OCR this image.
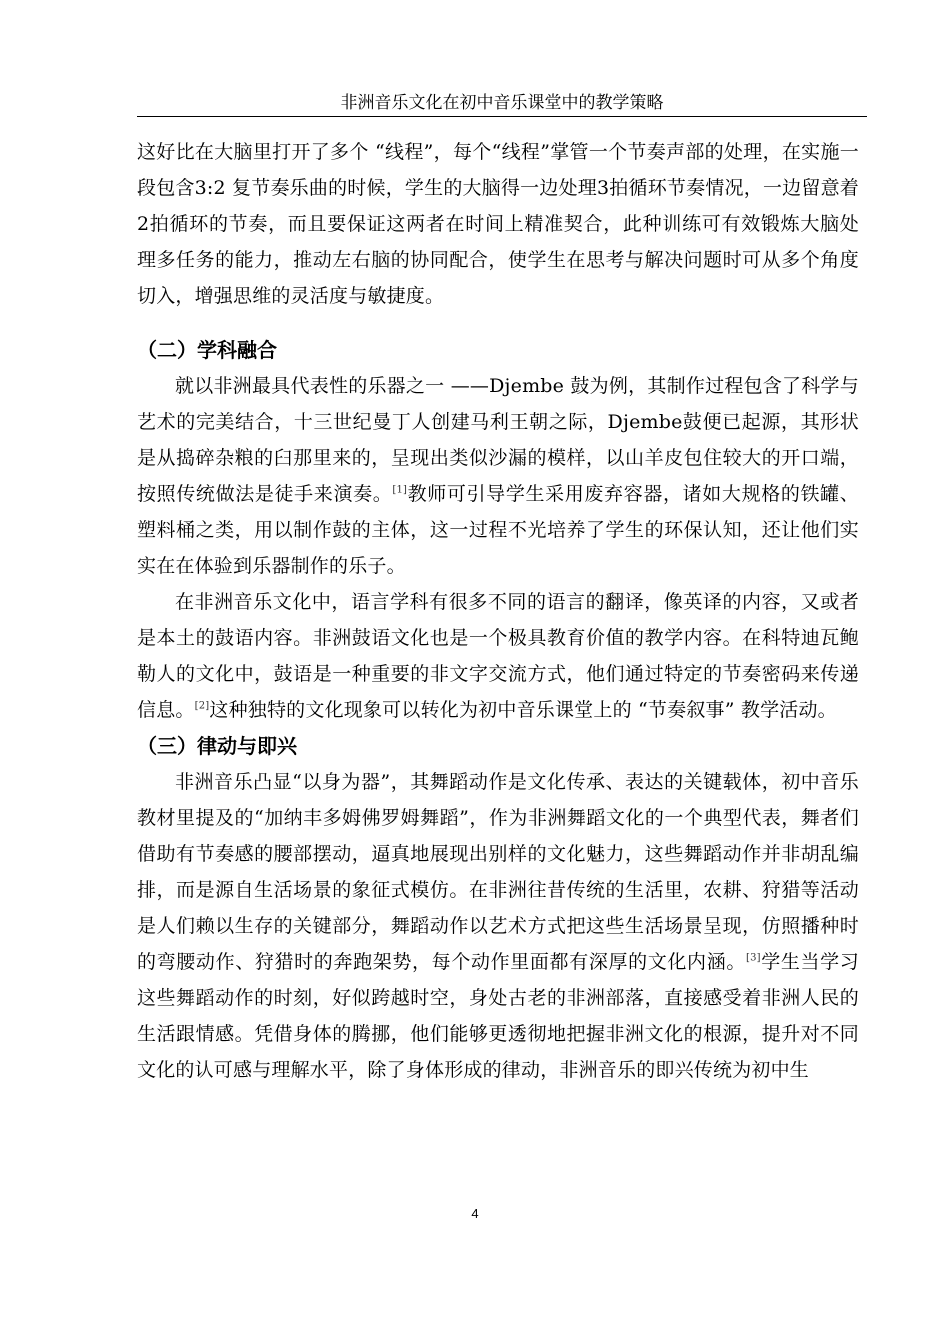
非洲音乐文化在初中音乐课堂中的教学策略

这好比在大脑里打开了多个 “线程”，每个“线程”掌管一个节奏声部的处理，在实施一段包含3:2 复节奏乐曲的时候，学生的大脑得一边处理3拍循环节奏情况，一边留意着2拍循环的节奏，而且要保证这两者在时间上精准契合，此种训练可有效锻炼大脑处理多任务的能力，推动左右脑的协同配合，使学生在思考与解决问题时可从多个角度切入，增强思维的灵活度与敏捷度。

（二）学科融合

就以非洲最具代表性的乐器之一 ——Djembe 鼓为例，其制作过程包含了科学与艺术的完美结合，十三世纪曼丁人创建马利王朝之际，Djembe鼓便已起源，其形状是从捣碎杂粮的臼那里来的，呈现出类似沙漏的模样，以山羊皮包住较大的开口端，按照传统做法是徒手来演奏。[1]教师可引导学生采用废弃容器，诸如大规格的铁罐、塑料桶之类，用以制作鼓的主体，这一过程不光培养了学生的环保认知，还让他们实实在在体验到乐器制作的乐子。

在非洲音乐文化中，语言学科有很多不同的语言的翻译，像英译的内容，又或者是本土的鼓语内容。非洲鼓语文化也是一个极具教育价值的教学内容。在科特迪瓦鲍勒人的文化中，鼓语是一种重要的非文字交流方式，他们通过特定的节奏密码来传递信息。[2]这种独特的文化现象可以转化为初中音乐课堂上的 “节奏叙事” 教学活动。

（三）律动与即兴

非洲音乐凸显“以身为器”，其舞蹈动作是文化传承、表达的关键载体，初中音乐教材里提及的“加纳丰多姆佛罗姆舞蹈”，作为非洲舞蹈文化的一个典型代表，舞者们借助有节奏感的腰部摆动，逼真地展现出别样的文化魅力，这些舞蹈动作并非胡乱编排，而是源自生活场景的象征式模仿。在非洲往昔传统的生活里，农耕、狩猎等活动是人们赖以生存的关键部分，舞蹈动作以艺术方式把这些生活场景呈现，仿照播种时的弯腰动作、狩猎时的奔跑架势，每个动作里面都有深厚的文化内涵。[3]学生当学习这些舞蹈动作的时刻，好似跨越时空，身处古老的非洲部落，直接感受着非洲人民的生活跟情感。凭借身体的腾挪，他们能够更透彻地把握非洲文化的根源，提升对不同文化的认可感与理解水平，除了身体形成的律动，非洲音乐的即兴传统为初中生

4
